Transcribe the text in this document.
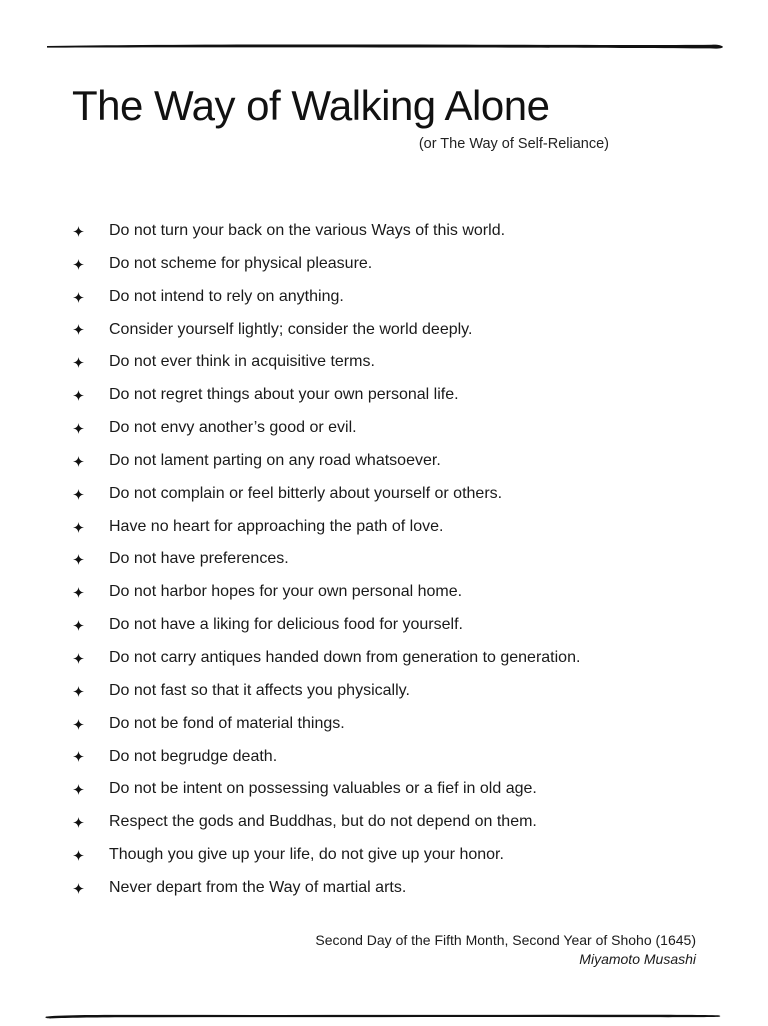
The Way of Walking Alone
(or The Way of Self-Reliance)
Do not turn your back on the various Ways of this world.
Do not scheme for physical pleasure.
Do not intend to rely on anything.
Consider yourself lightly; consider the world deeply.
Do not ever think in acquisitive terms.
Do not regret things about your own personal life.
Do not envy another’s good or evil.
Do not lament parting on any road whatsoever.
Do not complain or feel bitterly about yourself or others.
Have no heart for approaching the path of love.
Do not have preferences.
Do not harbor hopes for your own personal home.
Do not have a liking for delicious food for yourself.
Do not carry antiques handed down from generation to generation.
Do not fast so that it affects you physically.
Do not be fond of material things.
Do not begrudge death.
Do not be intent on possessing valuables or a fief in old age.
Respect the gods and Buddhas, but do not depend on them.
Though you give up your life, do not give up your honor.
Never depart from the Way of martial arts.
Second Day of the Fifth Month, Second Year of Shoho (1645)
Miyamoto Musashi
